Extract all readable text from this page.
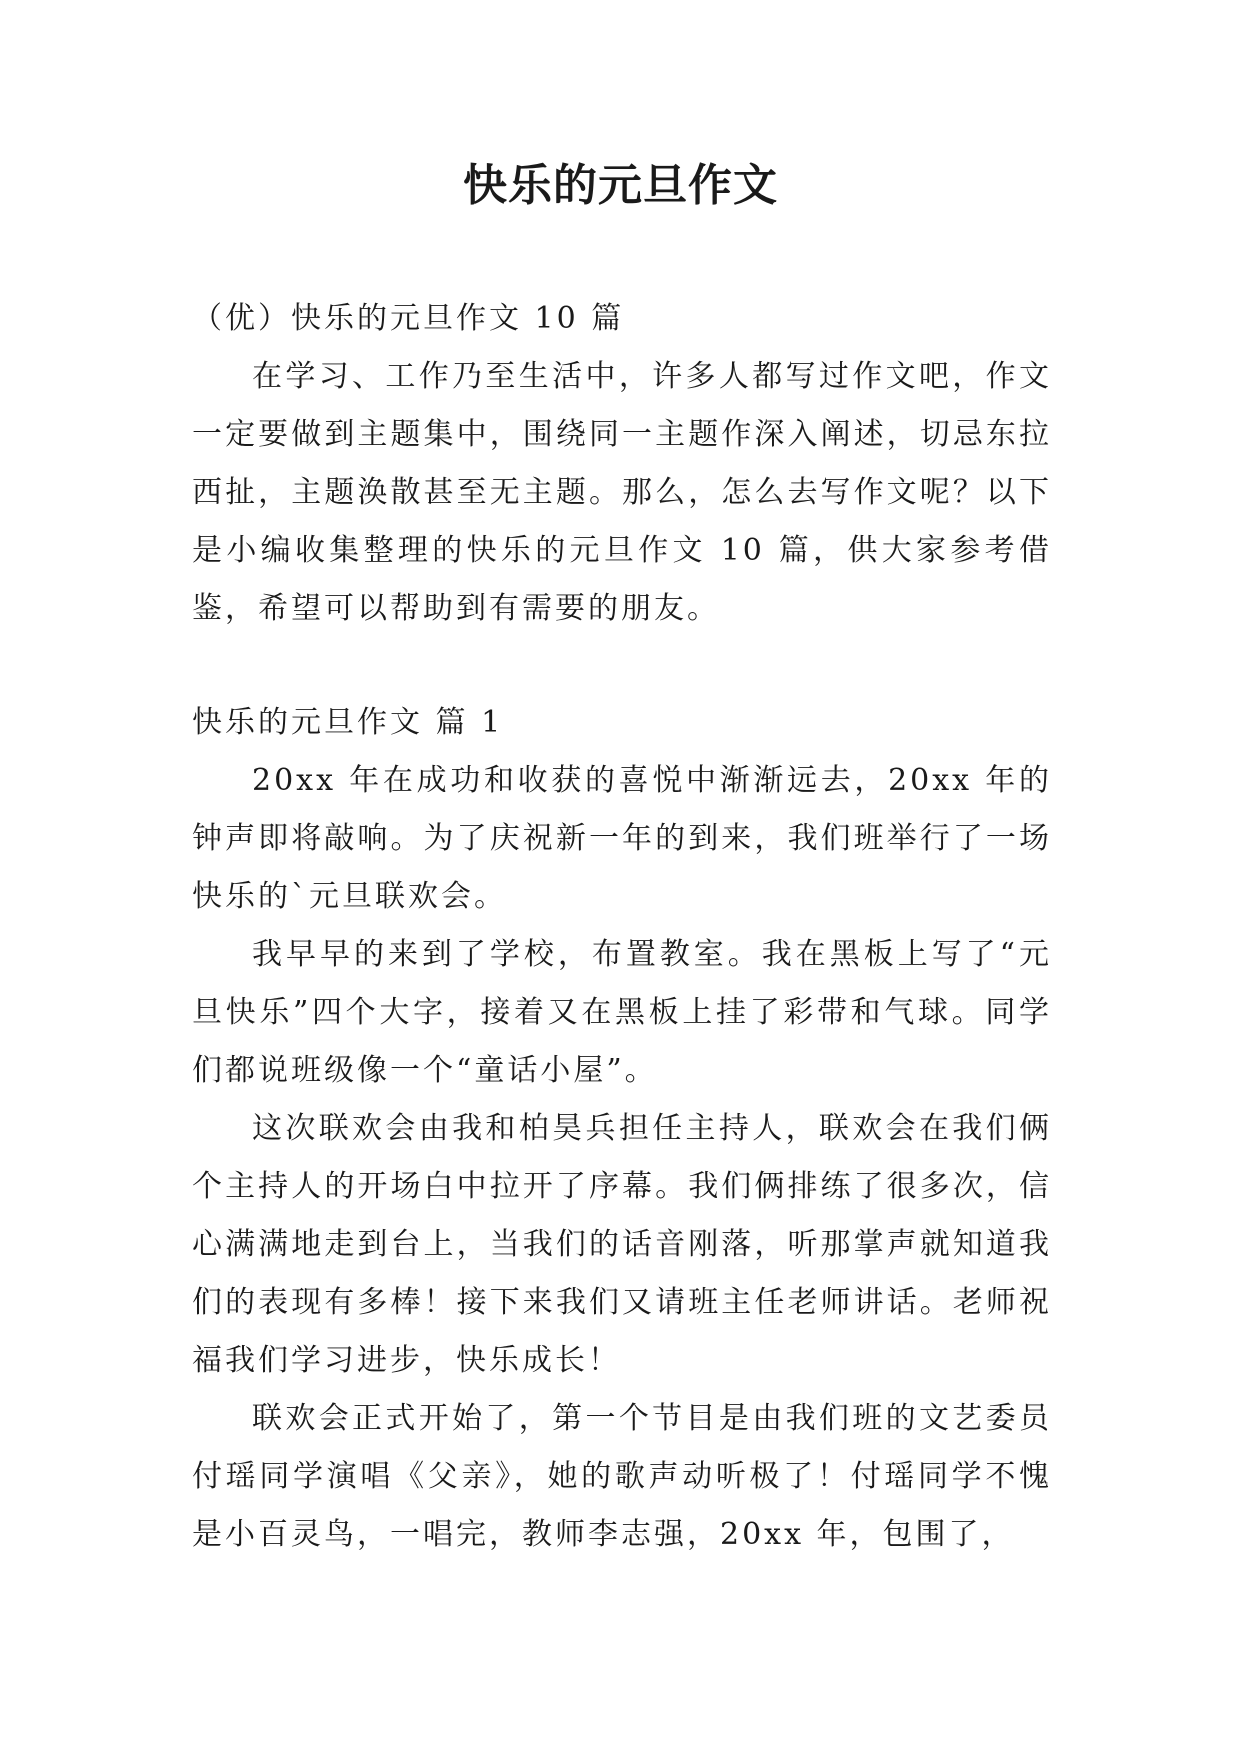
快乐的元旦作文

（优）快乐的元旦作文 10 篇

在学习、工作乃至生活中，许多人都写过作文吧，作文一定要做到主题集中，围绕同一主题作深入阐述，切忌东拉西扯，主题涣散甚至无主题。那么，怎么去写作文呢？以下是小编收集整理的快乐的元旦作文 10 篇，供大家参考借鉴，希望可以帮助到有需要的朋友。

快乐的元旦作文 篇 1

20xx 年在成功和收获的喜悦中渐渐远去，20xx 年的钟声即将敲响。为了庆祝新一年的到来，我们班举行了一场快乐的`元旦联欢会。

我早早的来到了学校，布置教室。我在黑板上写了“元旦快乐”四个大字，接着又在黑板上挂了彩带和气球。同学们都说班级像一个“童话小屋”。

这次联欢会由我和柏昊兵担任主持人，联欢会在我们俩个主持人的开场白中拉开了序幕。我们俩排练了很多次，信心满满地走到台上，当我们的话音刚落，听那掌声就知道我们的表现有多棒！接下来我们又请班主任老师讲话。老师祝福我们学习进步，快乐成长！

联欢会正式开始了，第一个节目是由我们班的文艺委员付瑶同学演唱《父亲》，她的歌声动听极了！付瑶同学不愧是小百灵鸟，一唱完，教师李志强，20xx 年，包围了，
